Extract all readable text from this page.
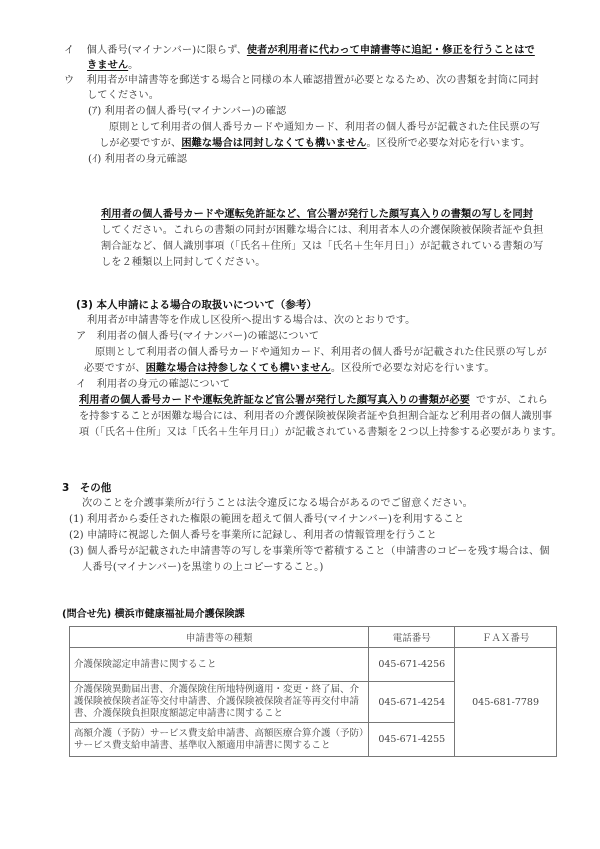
イ 個人番号(マイナンバー)に限らず、使者が利用者に代わって申請書等に追記・修正を行うことはで
きません。
ウ 利用者が申請書等を郵送する場合と同様の本人確認措置が必要となるため、次の書類を封筒に同封
してください。
(ｱ) 利用者の個人番号(マイナンバー)の確認
原則として利用者の個人番号カードや通知カード、利用者の個人番号が記載された住民票の写
しが必要ですが、困難な場合は同封しなくても構いません。区役所で必要な対応を行います。
(ｲ) 利用者の身元確認
利用者の個人番号カードや運転免許証など、官公署が発行した顔写真入りの書類の写しを同封
してください。これらの書類の同封が困難な場合には、利用者本人の介護保険被保険者証や負担
割合証など、個人識別事項（「氏名＋住所」又は「氏名＋生年月日」）が記載されている書類の写
しを２種類以上同封してください。
(3) 本人申請による場合の取扱いについて（参考）
利用者が申請書等を作成し区役所へ提出する場合は、次のとおりです。
ア　利用者の個人番号(マイナンバー)の確認について
原則として利用者の個人番号カードや通知カード、利用者の個人番号が記載された住民票の写しが
必要ですが、困難な場合は持参しなくても構いません。区役所で必要な対応を行います。
イ　利用者の身元の確認について
利用者の個人番号カードや運転免許証など官公署が発行した顔写真入りの書類が必要 ですが、これら
を持参することが困難な場合には、利用者の介護保険被保険者証や負担割合証など利用者の個人識別事
項（「氏名＋住所」又は「氏名＋生年月日」）が記載されている書類を２つ以上持参する必要があります。
3　その他
次のことを介護事業所が行うことは法令違反になる場合があるのでご留意ください。
(1) 利用者から委任された権限の範囲を超えて個人番号(マイナンバー)を利用すること
(2) 申請時に視認した個人番号を事業所に記録し、利用者の情報管理を行うこと
(3) 個人番号が記載された申請書等の写しを事業所等で蓄積すること（申請書のコピーを残す場合は、個
人番号(マイナンバー)を黒塗りの上コピーすること。)
(問合せ先) 横浜市健康福祉局介護保険課
申請書等の種類	電話番号	ＦＡＸ番号
介護保険認定申請書に関すること	045-671-4256	045-681-7789
介護保険異動届出書、介護保険住所地特例適用・変更・終了届、介護保険被保険者証等交付申請書、介護保険被保険者証等再交付申請書、介護保険負担限度額認定申請書に関すること	045-671-4254	
高額介護（予防）サービス費支給申請書、高額医療合算介護（予防）サービス費支給申請書、基準収入額適用申請書に関すること	045-671-4255	
